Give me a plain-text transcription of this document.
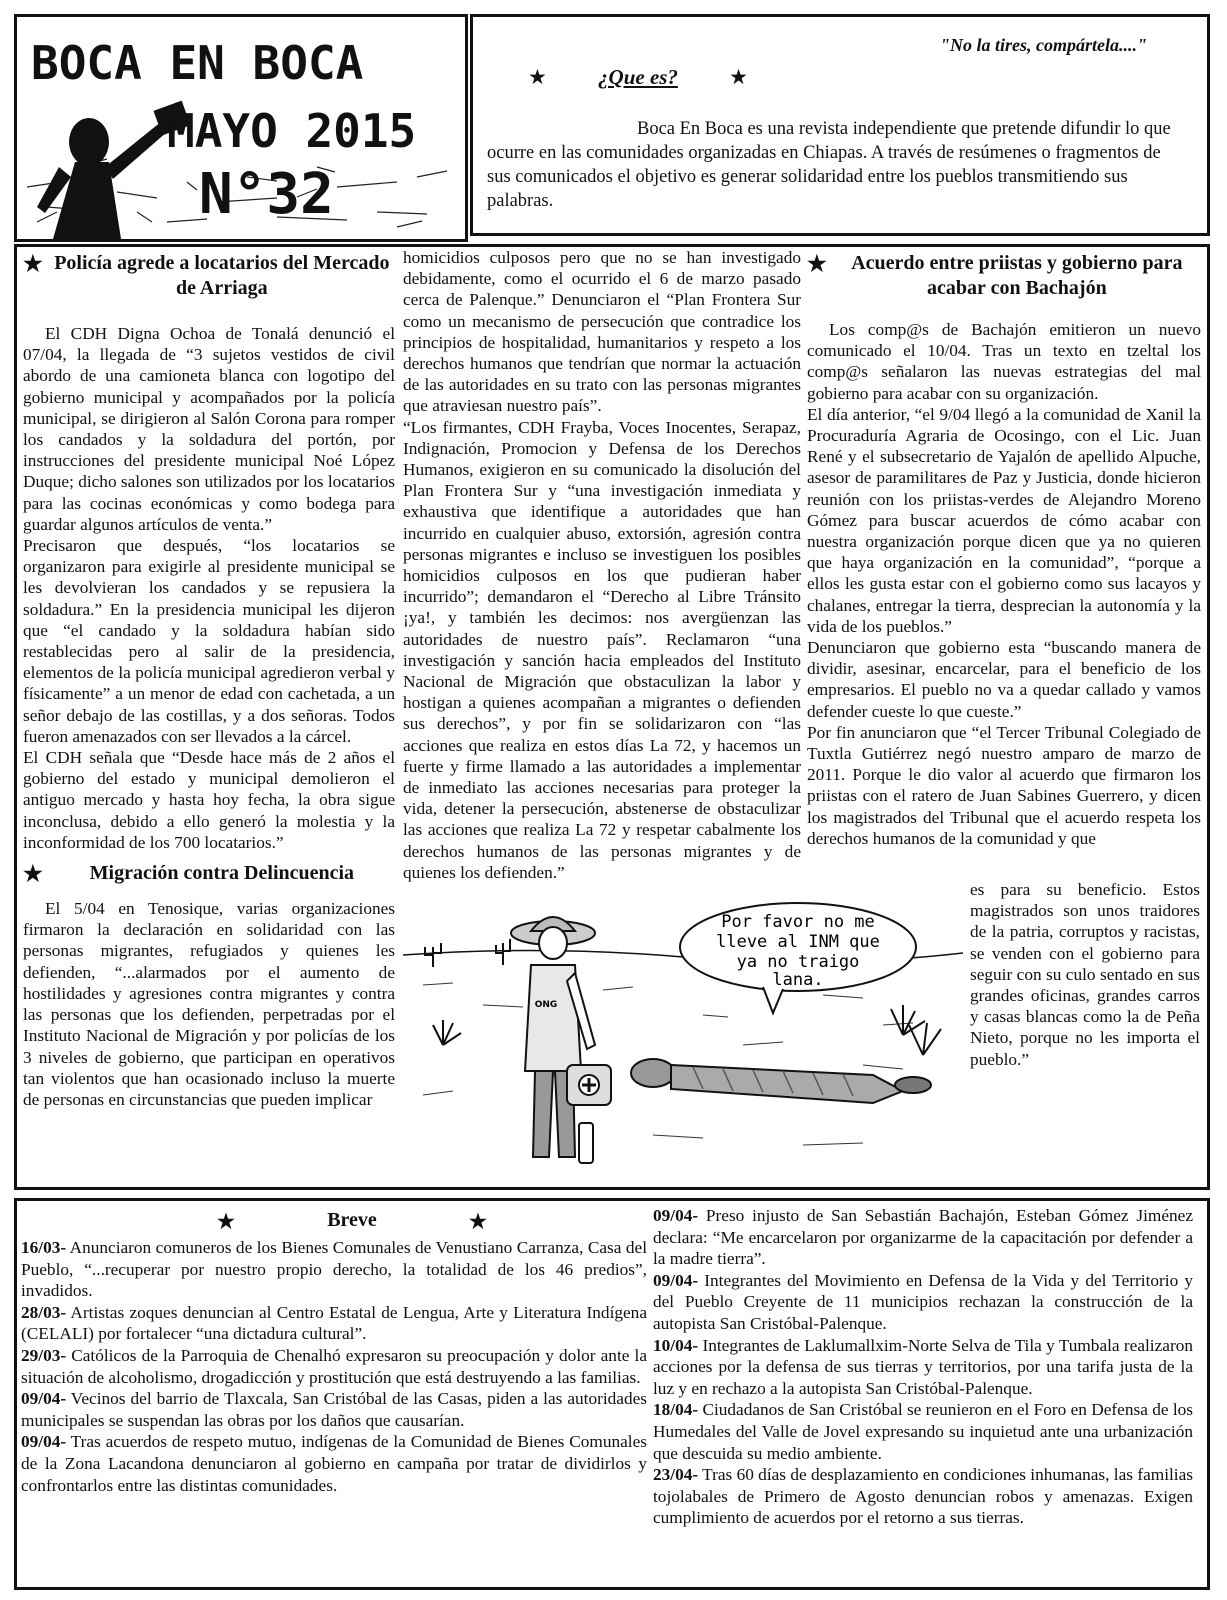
BOCA EN BOCA
MAYO 2015
N°32
"No la tires, compártela...."
★ ¿Que es? ★
Boca En Boca es una revista independiente que pretende difundir lo que ocurre en las comunidades organizadas en Chiapas. A través de resúmenes o fragmentos de sus comunicados el objetivo es generar solidaridad entre los pueblos transmitiendo sus palabras.
★ Policía agrede a locatarios del Mercado de Arriaga

El CDH Digna Ochoa de Tonalá denunció el 07/04, la llegada de “3 sujetos vestidos de civil abordo de una camioneta blanca con logotipo del gobierno municipal y acompañados por la policía municipal, se dirigieron al Salón Corona para romper los candados y la soldadura del portón, por instrucciones del presidente municipal Noé López Duque; dicho salones son utilizados por los locatarios para las cocinas económicas y como bodega para guardar algunos artículos de venta.”

Precisaron que después, “los locatarios se organizaron para exigirle al presidente municipal se les devolvieran los candados y se repusiera la soldadura.” En la presidencia municipal les dijeron que “el candado y la soldadura habían sido restablecidas pero al salir de la presidencia, elementos de la policía municipal agredieron verbal y físicamente” a un menor de edad con cachetada, a un señor debajo de las costillas, y a dos señoras. Todos fueron amenazados con ser llevados a la cárcel.

El CDH señala que “Desde hace más de 2 años el gobierno del estado y municipal demolieron el antiguo mercado y hasta hoy fecha, la obra sigue inconclusa, debido a ello generó la molestia y la inconformidad de los 700 locatarios.”

★	Migración contra Delincuencia

El 5/04 en Tenosique, varias organizaciones firmaron la declaración en solidaridad con las personas migrantes, refugiados y quienes les defienden, “...alarmados por el aumento de hostilidades y agresiones contra migrantes y contra las personas que los defienden, perpetradas por el Instituto Nacional de Migración y por policías de los 3 niveles de gobierno, que participan en operativos tan violentos que han ocasionado incluso la muerte de personas en circunstancias que pueden implicar

homicidios culposos pero que no se han investigado debidamente, como el ocurrido el 6 de marzo pasado cerca de Palenque.” Denunciaron el “Plan Frontera Sur como un mecanismo de persecución que contradice los principios de hospitalidad, humanitarios y respeto a los derechos humanos que tendrían que normar la actuación de las autoridades en su trato con las personas migrantes que atraviesan nuestro país”.

“Los firmantes, CDH Frayba, Voces Inocentes, Serapaz, Indignación, Promocion y Defensa de los Derechos Humanos, exigieron en su comunicado la disolución del Plan Frontera Sur y “una investigación inmediata y exhaustiva que identifique a autoridades que han incurrido en cualquier abuso, extorsión, agresión contra personas migrantes e incluso se investiguen los posibles homicidios culposos en los que pudieran haber incurrido”; demandaron el “Derecho al Libre Tránsito ¡ya!, y también les decimos: nos avergüenzan las autoridades de nuestro país”. Reclamaron “una investigación y sanción hacia empleados del Instituto Nacional de Migración que obstaculizan la labor y hostigan a quienes acompañan a migrantes o defienden sus derechos”, y por fin se solidarizaron con “las acciones que realiza en estos días La 72, y hacemos un fuerte y firme llamado a las autoridades a implementar de inmediato las acciones necesarias para proteger la vida, detener la persecución, abstenerse de obstaculizar las acciones que realiza La 72 y respetar cabalmente los derechos humanos de las personas migrantes y de quienes los defienden.”

★	Acuerdo entre priistas y gobierno para acabar con Bachajón

Los comp@s de Bachajón emitieron un nuevo comunicado el 10/04. Tras un texto en tzeltal los comp@s señalaron las nuevas estrategias del mal gobierno para acabar con su organización.

El día anterior, “el 9/04 llegó a la comunidad de Xanil la Procuraduría Agraria de Ocosingo, con el Lic. Juan René y el subsecretario de Yajalón de apellido Alpuche, asesor de paramilitares de Paz y Justicia, donde hicieron reunión con los priistas-verdes de Alejandro Moreno Gómez para buscar acuerdos de cómo acabar con nuestra organización porque dicen que ya no quieren que haya organización en la comunidad”, “porque a ellos les gusta estar con el gobierno como sus lacayos y chalanes, entregar la tierra, desprecian la autonomía y la vida de los pueblos.”

Denunciaron que gobierno esta “buscando manera de dividir, asesinar, encarcelar, para el beneficio de los empresarios. El pueblo no va a quedar callado y vamos defender cueste lo que cueste.”

Por fin anunciaron que “el Tercer Tribunal Colegiado de Tuxtla Gutiérrez negó nuestro amparo de marzo de 2011. Porque le dio valor al acuerdo que firmaron los priistas con el ratero de Juan Sabines Guerrero, y dicen los magistrados del Tribunal que el acuerdo respeta los derechos humanos de la comunidad y que

es para su beneficio. Estos magistrados son unos traidores de la patria, corruptos y racistas, se venden con el gobierno para seguir con su culo sentado en sus grandes oficinas, grandes carros y casas blancas como la de Peña Nieto, porque no les importa el pueblo.”

Por favor no me
lleve al INM que
ya no traigo
lana.
ONG
★	Breve	★

16/03- Anunciaron comuneros de los Bienes Comunales de Venustiano Carranza, Casa del Pueblo, “...recuperar por nuestro propio derecho, la totalidad de los 46 predios”, invadidos.

28/03- Artistas zoques denuncian al Centro Estatal de Lengua, Arte y Literatura Indígena (CELALI) por fortalecer “una dictadura cultural”.

29/03- Católicos de la Parroquia de Chenalhó expresaron su preocupación y dolor ante la situación de alcoholismo, drogadicción y prostitución que está destruyendo a las familias.

09/04- Vecinos del barrio de Tlaxcala, San Cristóbal de las Casas, piden a las autoridades municipales se suspendan las obras por los daños que causarían.

09/04- Tras acuerdos de respeto mutuo, indígenas de la Comunidad de Bienes Comunales de la Zona Lacandona denunciaron al gobierno en campaña por tratar de dividirlos y confrontarlos entre las distintas comunidades.

09/04- Preso injusto de San Sebastián Bachajón, Esteban Gómez Jiménez declara: “Me encarcelaron por organizarme de la capacitación por defender a la madre tierra”.

09/04- Integrantes del Movimiento en Defensa de la Vida y del Territorio y del Pueblo Creyente de 11 municipios rechazan la construcción de la autopista San Cristóbal-Palenque.

10/04- Integrantes de Laklumallxim-Norte Selva de Tila y Tumbala realizaron acciones por la defensa de sus tierras y territorios, por una tarifa justa de la luz y en rechazo a la autopista San Cristóbal-Palenque.

18/04- Ciudadanos de San Cristóbal se reunieron en el Foro en Defensa de los Humedales del Valle de Jovel expresando su inquietud ante una urbanización que descuida su medio ambiente.

23/04- Tras 60 días de desplazamiento en condiciones inhumanas, las familias tojolabales de Primero de Agosto denuncian robos y amenazas. Exigen cumplimiento de acuerdos por el retorno a sus tierras.
